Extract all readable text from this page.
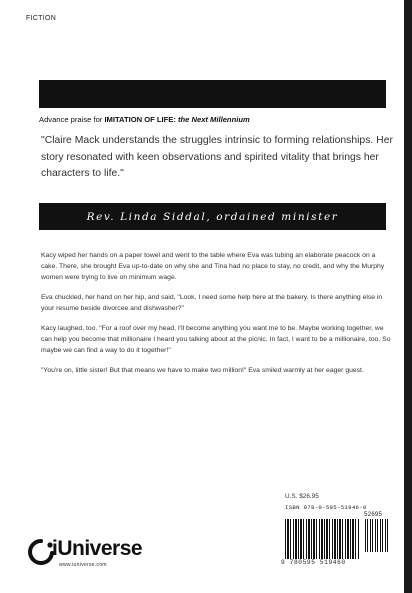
FICTION
Advance praise for IMITATION OF LIFE: the Next Millennium
"Claire Mack understands the struggles intrinsic to forming relationships. Her story resonated with keen observations and spirited vitality that brings her characters to life."
Rev. Linda Siddal, ordained minister

Kacy wiped her hands on a paper towel and went to the table where Eva was tubing an elaborate peacock on a cake. There, she brought Eva up-to-date on why she and Tina had no place to stay, no credit, and why the Murphy women were trying to live on minimum wage.

Eva chuckled, her hand on her hip, and said, "Look, I need some help here at the bakery. Is there anything else in your resume beside divorcee and dishwasher?"

Kacy laughed, too. "For a roof over my head, I'll become anything you want me to be. Maybe working together, we can help you become that millionaire I heard you talking about at the picnic. In fact, I want to be a millionaire, too. So maybe we can find a way to do it together!"

"You're on, little sister! But that means we have to make two million!" Eva smiled warmly at her eager guest.

U.S. $26.95
ISBN 978-0-595-51946-0
52695
9 780595 519460
iUniverse
www.iuniverse.com
